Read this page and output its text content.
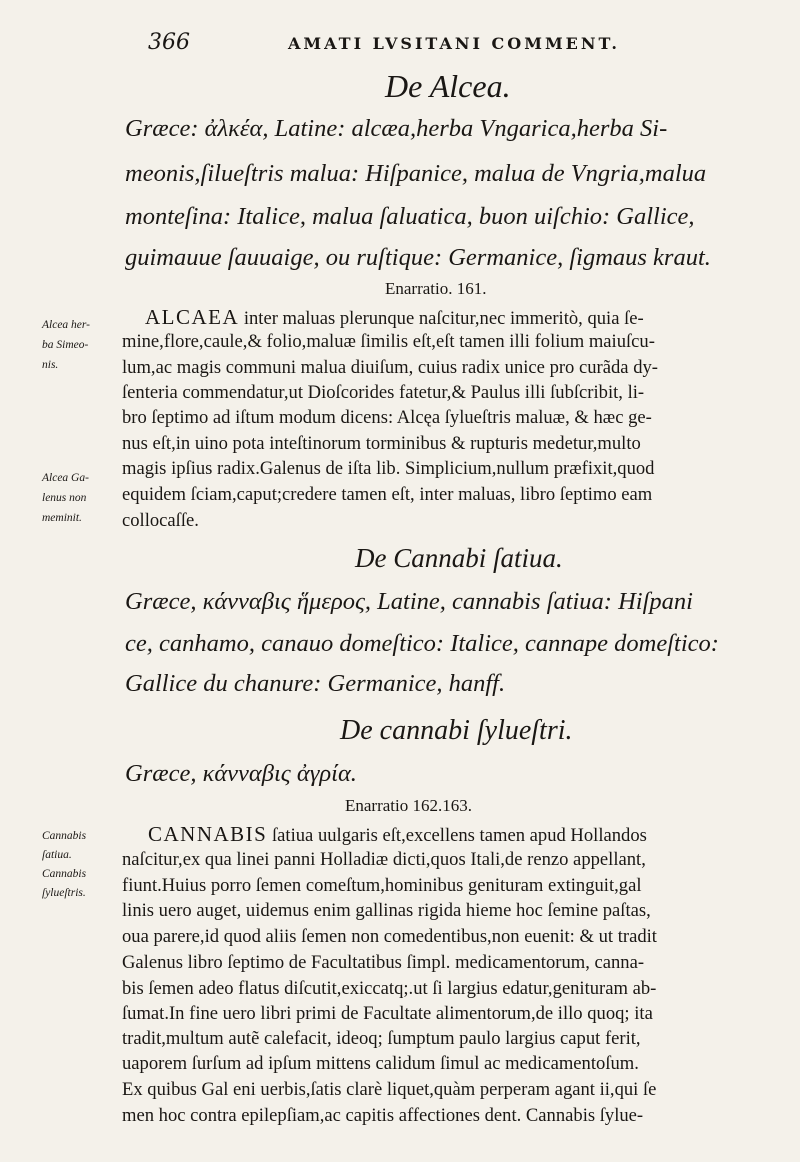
366	AMATI LVSITANI COMMENT.
De Alcea.
Græce: ἀλκέα, Latine: alcæa,herba Vngarica,herba Si-
meonis,ſilueſtris malua: Hiſpanice, malua de Vngria,malua
monteſina: Italice, malua ſaluatica, buon uiſchio: Gallice,
guimauue ſauuaige, ou ruſtique: Germanice, ſigmaus kraut.
Enarratio. 161.
Alcea her-
ba Simeo-
nis.
Alcea Ga-
lenus non
meminit.
ALCAEA inter maluas plerunque naſcitur,nec immeritò, quia ſe-
mine,flore,caule,& folio,maluæ ſimilis eſt,eſt tamen illi folium maiuſcu-
lum,ac magis communi malua diuiſum, cuius radix unice pro curãda dy-
ſenteria commendatur,ut Dioſcorides fatetur,& Paulus illi ſubſcribit, li-
bro ſeptimo ad iſtum modum dicens: Alcęa ſylueſtris maluæ, & hæc ge-
nus eſt,in uino pota inteſtinorum torminibus & rupturis medetur,multo
magis ipſius radix.Galenus de iſta lib. Simplicium,nullum præfixit,quod
equidem ſciam,caput;credere tamen eſt, inter maluas, libro ſeptimo eam
collocaſſe.
De Cannabi ſatiua.
Græce, κάνναβις ἥμερος, Latine, cannabis ſatiua: Hiſpani
ce, canhamo, canauo domeſtico: Italice, cannape domeſtico:
Gallice du chanure: Germanice, hanff.
De cannabi ſylueſtri.
Græce, κάνναβις ἀγρία.
Enarratio 162.163.
Cannabis
ſatiua.
Cannabis
ſylueſtris.
CANNABIS ſatiua uulgaris eſt,excellens tamen apud Hollandos
naſcitur,ex qua linei panni Holladiæ dicti,quos Itali,de renzo appellant,
fiunt.Huius porro ſemen comeſtum,hominibus genituram extinguit,gal
linis uero auget, uidemus enim gallinas rigida hieme hoc ſemine paſtas,
oua parere,id quod aliis ſemen non comedentibus,non euenit: & ut tradit
Galenus libro ſeptimo de Facultatibus ſimpl. medicamentorum, canna-
bis ſemen adeo flatus diſcutit,exiccatq;.ut ſi largius edatur,genituram ab-
ſumat.In fine uero libri primi de Facultate alimentorum,de illo quoq; ita
tradit,multum autẽ calefacit, ideoq; ſumptum paulo largius caput ferit,
uaporem ſurſum ad ipſum mittens calidum ſimul ac medicamentoſum.
Ex quibus Gal eni uerbis,ſatis clarè liquet,quàm perperam agant ii,qui ſe
men hoc contra epilepſiam,ac capitis affectiones dent. Cannabis ſylue-
